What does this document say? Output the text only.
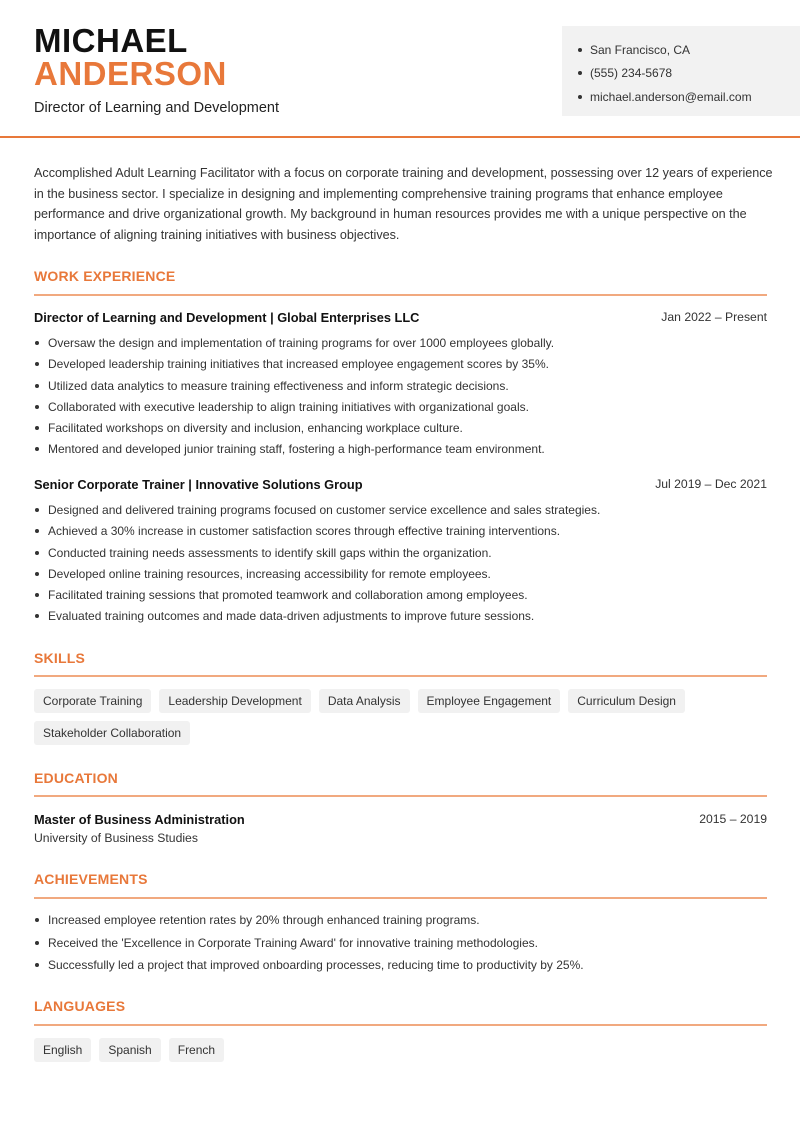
MICHAEL
ANDERSON
Director of Learning and Development
San Francisco, CA
(555) 234-5678
michael.anderson@email.com

Accomplished Adult Learning Facilitator with a focus on corporate training and development, possessing over 12 years of experience in the business sector. I specialize in designing and implementing comprehensive training programs that enhance employee performance and drive organizational growth. My background in human resources provides me with a unique perspective on the importance of aligning training initiatives with business objectives.

WORK EXPERIENCE
Director of Learning and Development | Global Enterprises LLC	Jan 2022 – Present
Oversaw the design and implementation of training programs for over 1000 employees globally.
Developed leadership training initiatives that increased employee engagement scores by 35%.
Utilized data analytics to measure training effectiveness and inform strategic decisions.
Collaborated with executive leadership to align training initiatives with organizational goals.
Facilitated workshops on diversity and inclusion, enhancing workplace culture.
Mentored and developed junior training staff, fostering a high-performance team environment.
Senior Corporate Trainer | Innovative Solutions Group	Jul 2019 – Dec 2021
Designed and delivered training programs focused on customer service excellence and sales strategies.
Achieved a 30% increase in customer satisfaction scores through effective training interventions.
Conducted training needs assessments to identify skill gaps within the organization.
Developed online training resources, increasing accessibility for remote employees.
Facilitated training sessions that promoted teamwork and collaboration among employees.
Evaluated training outcomes and made data-driven adjustments to improve future sessions.
SKILLS
Corporate Training	Leadership Development	Data Analysis	Employee Engagement	Curriculum Design
Stakeholder Collaboration
EDUCATION
Master of Business Administration	2015 – 2019
University of Business Studies
ACHIEVEMENTS
Increased employee retention rates by 20% through enhanced training programs.
Received the 'Excellence in Corporate Training Award' for innovative training methodologies.
Successfully led a project that improved onboarding processes, reducing time to productivity by 25%.
LANGUAGES
English	Spanish	French
